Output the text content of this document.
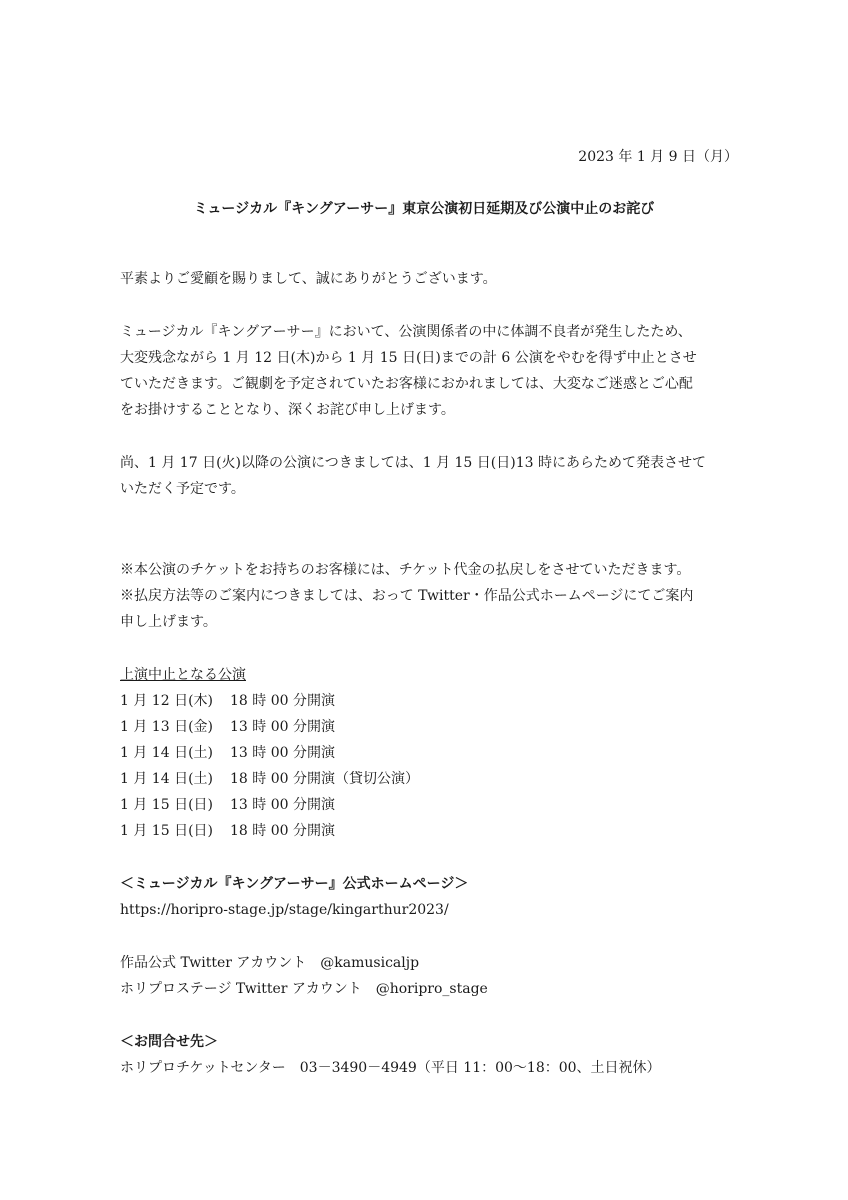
2023 年 1 月 9 日（月）
ミュージカル『キングアーサー』東京公演初日延期及び公演中止のお詫び

平素よりご愛顧を賜りまして、誠にありがとうございます。

ミュージカル『キングアーサー』において、公演関係者の中に体調不良者が発生したため、

大変残念ながら 1 月 12 日(木)から 1 月 15 日(日)までの計 6 公演をやむを得ず中止とさせ

ていただきます。ご観劇を予定されていたお客様におかれましては、大変なご迷惑とご心配

をお掛けすることとなり、深くお詫び申し上げます。

尚、1 月 17 日(火)以降の公演につきましては、1 月 15 日(日)13 時にあらためて発表させて

いただく予定です。

※本公演のチケットをお持ちのお客様には、チケット代金の払戻しをさせていただきます。

※払戻方法等のご案内につきましては、おって Twitter・作品公式ホームページにてご案内

申し上げます。

上演中止となる公演

1 月 12 日(木) 18 時 00 分開演

1 月 13 日(金) 13 時 00 分開演

1 月 14 日(土) 13 時 00 分開演

1 月 14 日(土) 18 時 00 分開演（貸切公演）

1 月 15 日(日) 13 時 00 分開演

1 月 15 日(日) 18 時 00 分開演

＜ミュージカル『キングアーサー』公式ホームページ＞

https://horipro-stage.jp/stage/kingarthur2023/

作品公式 Twitter アカウント　@kamusicaljp

ホリプロステージ Twitter アカウント　@horipro_stage

＜お問合せ先＞

ホリプロチケットセンター　03－3490－4949（平日 11：00～18：00、土日祝休）
